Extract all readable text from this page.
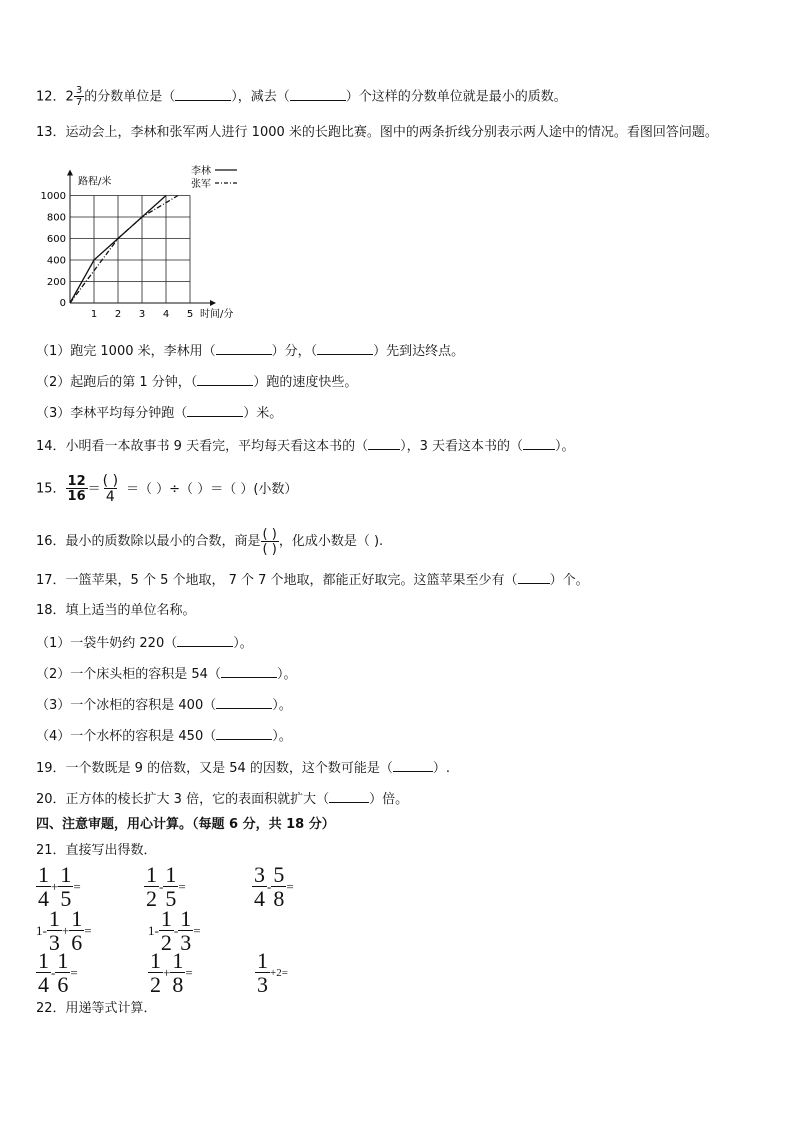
12．$2 \frac{3}{7}$ 的分数单位是（	），减去（	）个这样的分数单位就是最小的质数。
13．运动会上，李林和张军两人进行 1000 米的长跑比赛。图中的两条折线分别表示两人途中的情况。看图回答问题。
1 2 3 4 5
200
400
600
800
1000
0
路程/米
时间/分
李林
张军
（1）跑完 1000 米，李林用（	）分，（	）先到达终点。
（2）起跑后的第 1 分钟，（	）跑的速度快些。
（3）李林平均每分钟跑（	）米。
14．小明看一本故事书 9 天看完，平均每天看这本书的（ ），3 天看这本书的（ ）。
15． $\frac{12}{16}$ ＝ ( )
4 ＝（ ）÷（ ）＝（ ）(小数）
16．最小的质数除以最小的合数，商是 ( )
( ) ，化成小数是（ ).
17．一篮苹果，5 个 5 个地取， 7 个 7 个地取，都能正好取完。这篮苹果至少有（ ）个。
18．填上适当的单位名称。
（1）一袋牛奶约 220（	）。
（2）一个床头柜的容积是 54（	）。
（3）一个冰柜的容积是 400（	）。
（4）一个水杯的容积是 450（	）。
19．一个数既是 9 的倍数，又是 54 的因数，这个数可能是（	）.
20．正方体的棱长扩大 3 倍，它的表面积就扩大（	）倍。
四、注意审题，用心计算。（每题 6 分，共 18 分）
21．直接写出得数．
$\frac{1}{4} + \frac{1}{5}$ =	$\frac{1}{2} - \frac{1}{5}$ =	$\frac{3}{4} - \frac{5}{8}$ =
$1- \frac{1}{3} + \frac{1}{6}$ =	$1- \frac{1}{2} - \frac{1}{3}$ =
$\frac{1}{4} - \frac{1}{6}$ =	$\frac{1}{2} + \frac{1}{8}$ =	$\frac{1}{3} +2=$
22．用递等式计算．
